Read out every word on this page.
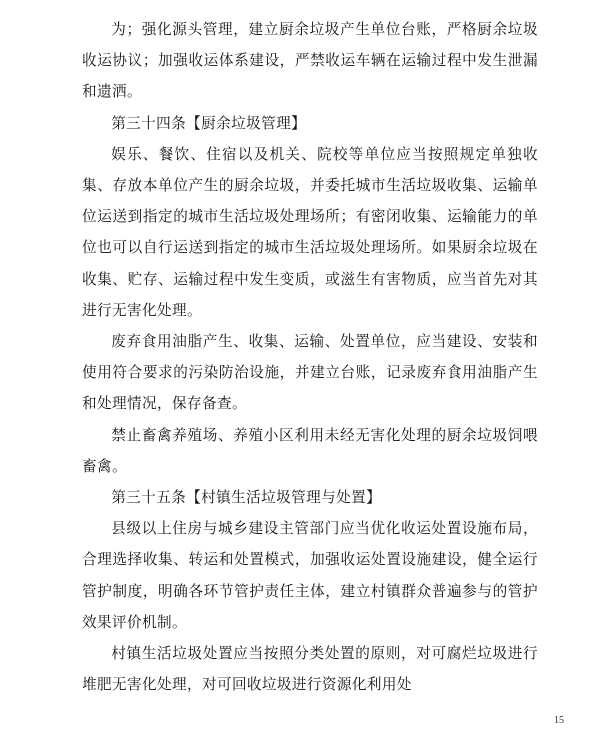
为；强化源头管理，建立厨余垃圾产生单位台账，严格厨余垃圾收运协议；加强收运体系建设，严禁收运车辆在运输过程中发生泄漏和遗洒。

第三十四条【厨余垃圾管理】

娱乐、餐饮、住宿以及机关、院校等单位应当按照规定单独收集、存放本单位产生的厨余垃圾，并委托城市生活垃圾收集、运输单位运送到指定的城市生活垃圾处理场所；有密闭收集、运输能力的单位也可以自行运送到指定的城市生活垃圾处理场所。如果厨余垃圾在收集、贮存、运输过程中发生变质，或滋生有害物质，应当首先对其进行无害化处理。

废弃食用油脂产生、收集、运输、处置单位，应当建设、安装和使用符合要求的污染防治设施，并建立台账，记录废弃食用油脂产生和处理情况，保存备查。

禁止畜禽养殖场、养殖小区利用未经无害化处理的厨余垃圾饲喂畜禽。

第三十五条【村镇生活垃圾管理与处置】

县级以上住房与城乡建设主管部门应当优化收运处置设施布局，合理选择收集、转运和处置模式，加强收运处置设施建设，健全运行管护制度，明确各环节管护责任主体，建立村镇群众普遍参与的管护效果评价机制。

村镇生活垃圾处置应当按照分类处置的原则，对可腐烂垃圾进行堆肥无害化处理，对可回收垃圾进行资源化利用处

15
